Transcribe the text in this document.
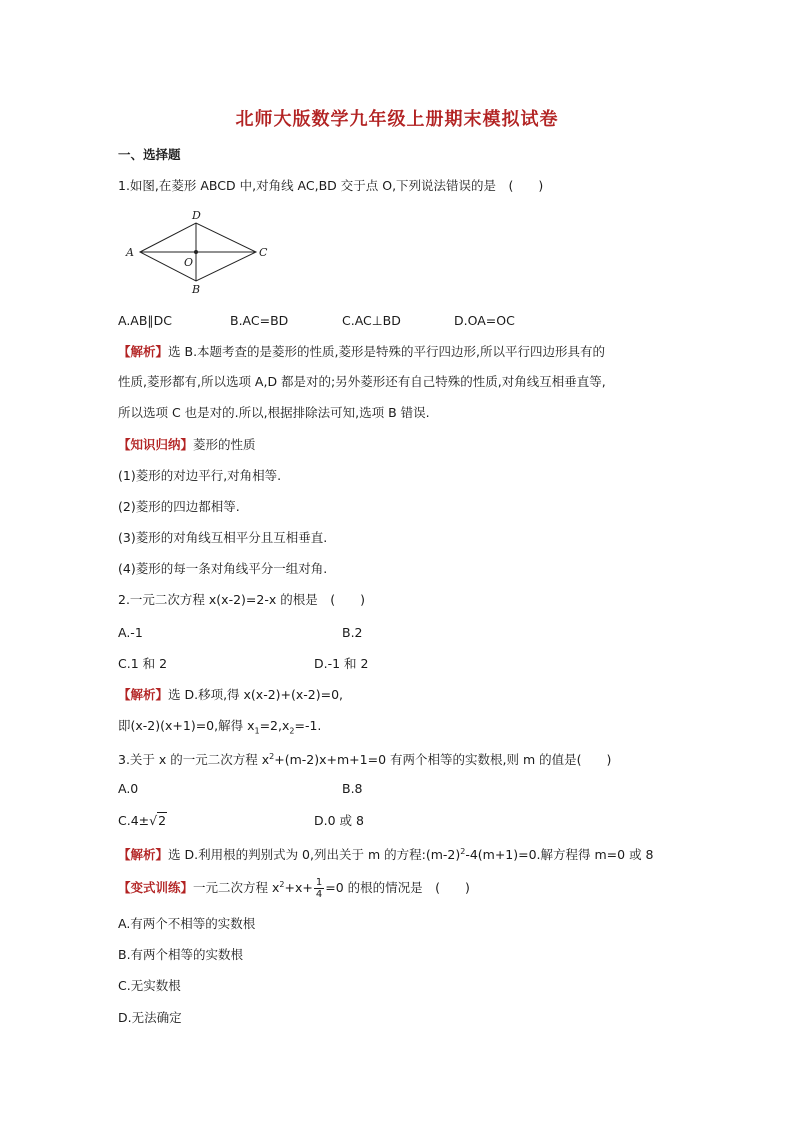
北师大版数学九年级上册期末模拟试卷
一、选择题
1.如图,在菱形 ABCD 中,对角线 AC,BD 交于点 O,下列说法错误的是　(　　)
A
D
C
B
O
A.AB∥DC	B.AC=BD	C.AC⊥BD	D.OA=OC
【解析】选 B.本题考查的是菱形的性质,菱形是特殊的平行四边形,所以平行四边形具有的
性质,菱形都有,所以选项 A,D 都是对的;另外菱形还有自己特殊的性质,对角线互相垂直等,
所以选项 C 也是对的.所以,根据排除法可知,选项 B 错误.
【知识归纳】菱形的性质
(1)菱形的对边平行,对角相等.
(2)菱形的四边都相等.
(3)菱形的对角线互相平分且互相垂直.
(4)菱形的每一条对角线平分一组对角.
2.一元二次方程 x(x-2)=2-x 的根是　(　　)
A.-1	B.2
C.1 和 2	D.-1 和 2
【解析】选 D.移项,得 x(x-2)+(x-2)=0,
即(x-2)(x+1)=0,解得 $x_1=2,x_2=-1$.
3.关于 x 的一元二次方程 $x^2+(m-2)x+m+1=0$ 有两个相等的实数根,则 m 的值是(　　)
A.0	B.8
C.4±√2	D.0 或 8
【解析】选 D.利用根的判别式为 0,列出关于 m 的方程$:(m-2)^2-4(m+1)=0$.解方程得 m=0 或 8
【变式训练】一元二次方程 $x^2+x+ \frac{1}{4} =0$ 的根的情况是　(　　)
A.有两个不相等的实数根
B.有两个相等的实数根
C.无实数根
D.无法确定
